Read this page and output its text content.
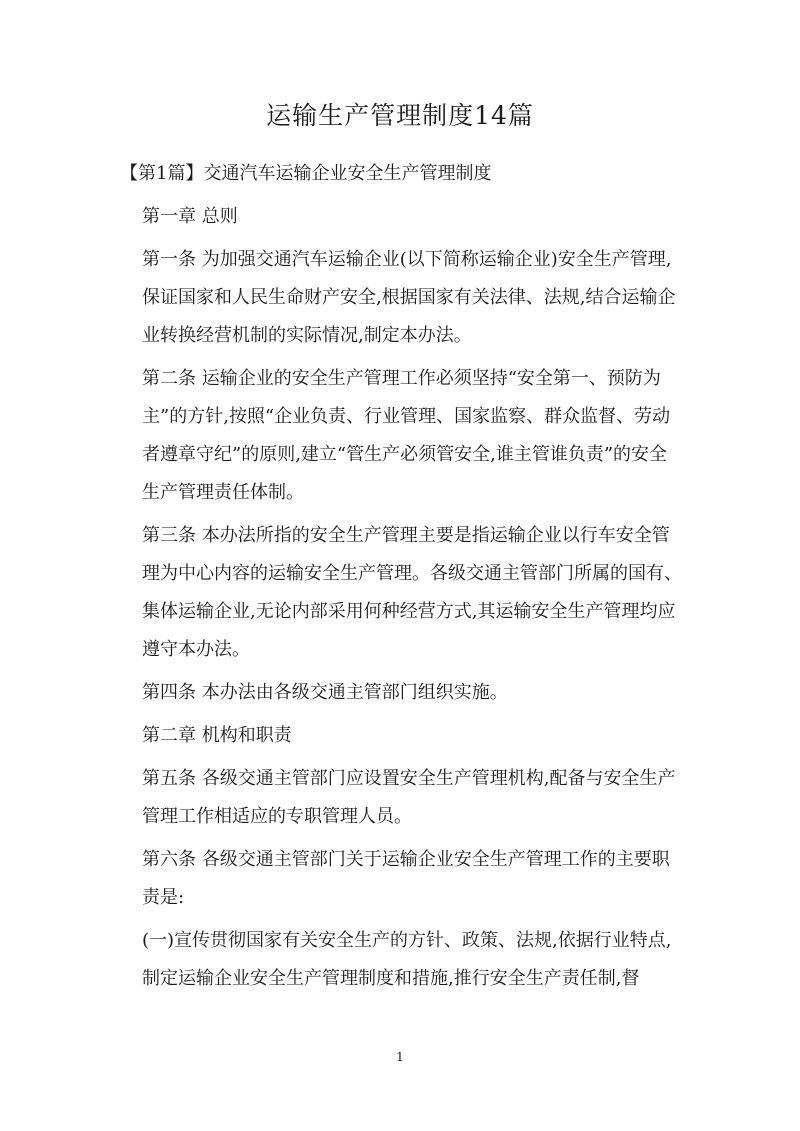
运输生产管理制度14篇
【第1篇】交通汽车运输企业安全生产管理制度
第一章 总则
第一条 为加强交通汽车运输企业(以下简称运输企业)安全生产管理,保证国家和人民生命财产安全,根据国家有关法律、法规,结合运输企业转换经营机制的实际情况,制定本办法。
第二条 运输企业的安全生产管理工作必须坚持“安全第一、预防为主”的方针,按照“企业负责、行业管理、国家监察、群众监督、劳动者遵章守纪”的原则,建立“管生产必须管安全,谁主管谁负责”的安全生产管理责任体制。
第三条 本办法所指的安全生产管理主要是指运输企业以行车安全管理为中心内容的运输安全生产管理。各级交通主管部门所属的国有、集体运输企业,无论内部采用何种经营方式,其运输安全生产管理均应遵守本办法。
第四条 本办法由各级交通主管部门组织实施。
第二章 机构和职责
第五条 各级交通主管部门应设置安全生产管理机构,配备与安全生产管理工作相适应的专职管理人员。
第六条 各级交通主管部门关于运输企业安全生产管理工作的主要职责是:
(一)宣传贯彻国家有关安全生产的方针、政策、法规,依据行业特点,制定运输企业安全生产管理制度和措施,推行安全生产责任制,督
1
